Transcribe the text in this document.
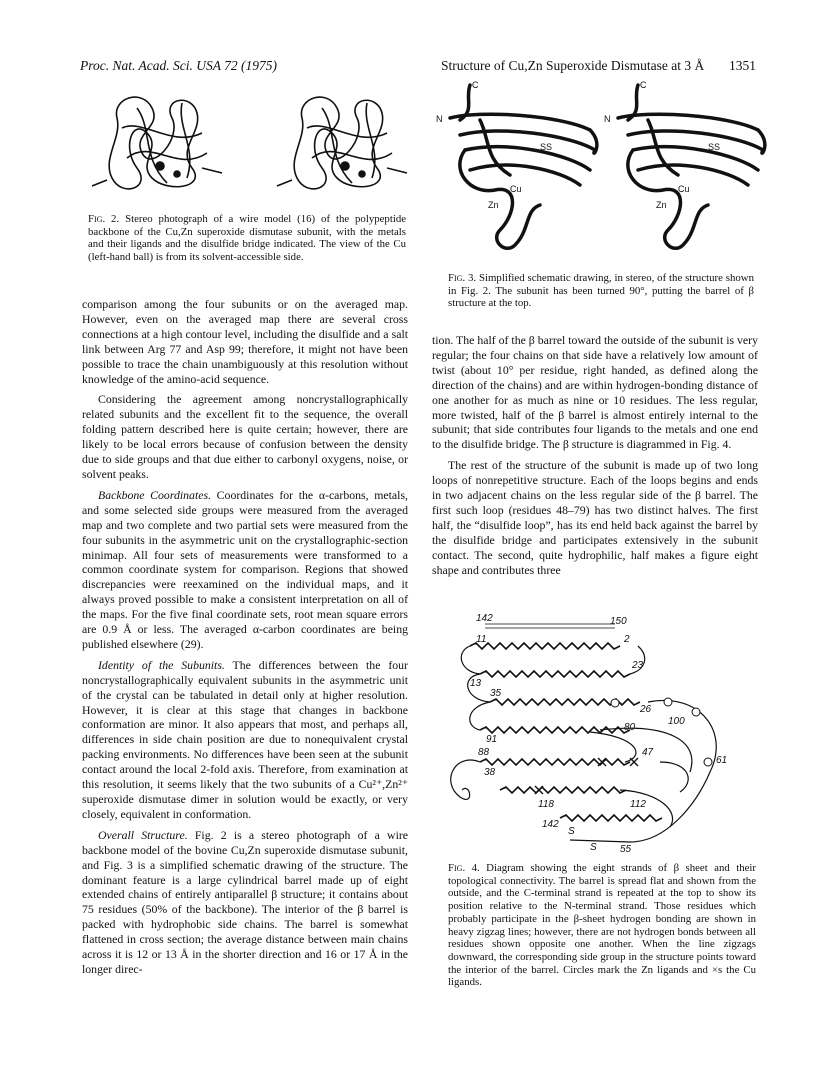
Proc. Nat. Acad. Sci. USA 72 (1975)	Structure of Cu,Zn Superoxide Dismutase at 3 Å 1351
Fig. 2. Stereo photograph of a wire model (16) of the polypeptide backbone of the Cu,Zn superoxide dismutase subunit, with the metals and their ligands and the disulfide bridge indicated. The view of the Cu (left-hand ball) is from its solvent-accessible side.
C
N
SS
Cu
Zn
C
N
SS
Cu
Zn
Fig. 3. Simplified schematic drawing, in stereo, of the structure shown in Fig. 2. The subunit has been turned 90°, putting the barrel of β structure at the top.

comparison among the four subunits or on the averaged map. However, even on the averaged map there are several cross connections at a high contour level, including the disulfide and a salt link between Arg 77 and Asp 99; therefore, it might not have been possible to trace the chain unambiguously at this resolution without knowledge of the amino-acid sequence.

Considering the agreement among noncrystallographically related subunits and the excellent fit to the sequence, the overall folding pattern described here is quite certain; however, there are likely to be local errors because of confusion between the density due to side groups and that due either to carbonyl oxygens, noise, or solvent peaks.

Backbone Coordinates. Coordinates for the α-carbons, metals, and some selected side groups were measured from the averaged map and two complete and two partial sets were measured from the four subunits in the asymmetric unit on the crystallographic-section minimap. All four sets of measurements were transformed to a common coordinate system for comparison. Regions that showed discrepancies were reexamined on the individual maps, and it always proved possible to make a consistent interpretation on all of the maps. For the five final coordinate sets, root mean square errors are 0.9 Å or less. The averaged α-carbon coordinates are being published elsewhere (29).

Identity of the Subunits. The differences between the four noncrystallographically equivalent subunits in the asymmetric unit of the crystal can be tabulated in detail only at higher resolution. However, it is clear at this stage that changes in backbone conformation are minor. It also appears that most, and perhaps all, differences in side chain position are due to nonequivalent crystal packing environments. No differences have been seen at the subunit contact around the local 2-fold axis. Therefore, from examination at this resolution, it seems likely that the two subunits of a Cu²⁺,Zn²⁺ superoxide dismutase dimer in solution would be exactly, or very closely, equivalent in conformation.

Overall Structure. Fig. 2 is a stereo photograph of a wire backbone model of the bovine Cu,Zn superoxide dismutase subunit, and Fig. 3 is a simplified schematic drawing of the structure. The dominant feature is a large cylindrical barrel made up of eight extended chains of entirely antiparallel β structure; it contains about 75 residues (50% of the backbone). The interior of the β barrel is packed with hydrophobic side chains. The barrel is somewhat flattened in cross section; the average distance between main chains across it is 12 or 13 Å in the shorter direction and 16 or 17 Å in the longer direc-

tion. The half of the β barrel toward the outside of the subunit is very regular; the four chains on that side have a relatively low amount of twist (about 10° per residue, right handed, as defined along the direction of the chains) and are within hydrogen-bonding distance of one another for as much as nine or 10 residues. The less regular, more twisted, half of the β barrel is almost entirely internal to the subunit; that side contributes four ligands to the metals and one end to the disulfide bridge. The β structure is diagrammed in Fig. 4.

The rest of the structure of the subunit is made up of two long loops of nonrepetitive structure. Each of the loops begins and ends in two adjacent chains on the less regular side of the β barrel. The first such loop (residues 48–79) has two distinct halves. The first half, the “disulfide loop”, has its end held back against the barrel by the disulfide bridge and participates extensively in the subunit contact. The second, quite hydrophilic, half makes a figure eight shape and contributes three

142	150
11	2
23
13
35
26
100
91
80
88
61
38
47
118	112
142
S
S 55
Fig. 4. Diagram showing the eight strands of β sheet and their topological connectivity. The barrel is spread flat and shown from the outside, and the C-terminal strand is repeated at the top to show its position relative to the N-terminal strand. Those residues which probably participate in the β-sheet hydrogen bonding are shown in heavy zigzag lines; however, there are not hydrogen bonds between all residues shown opposite one another. When the line zigzags downward, the corresponding side group in the structure points toward the interior of the barrel. Circles mark the Zn ligands and ×s the Cu ligands.
